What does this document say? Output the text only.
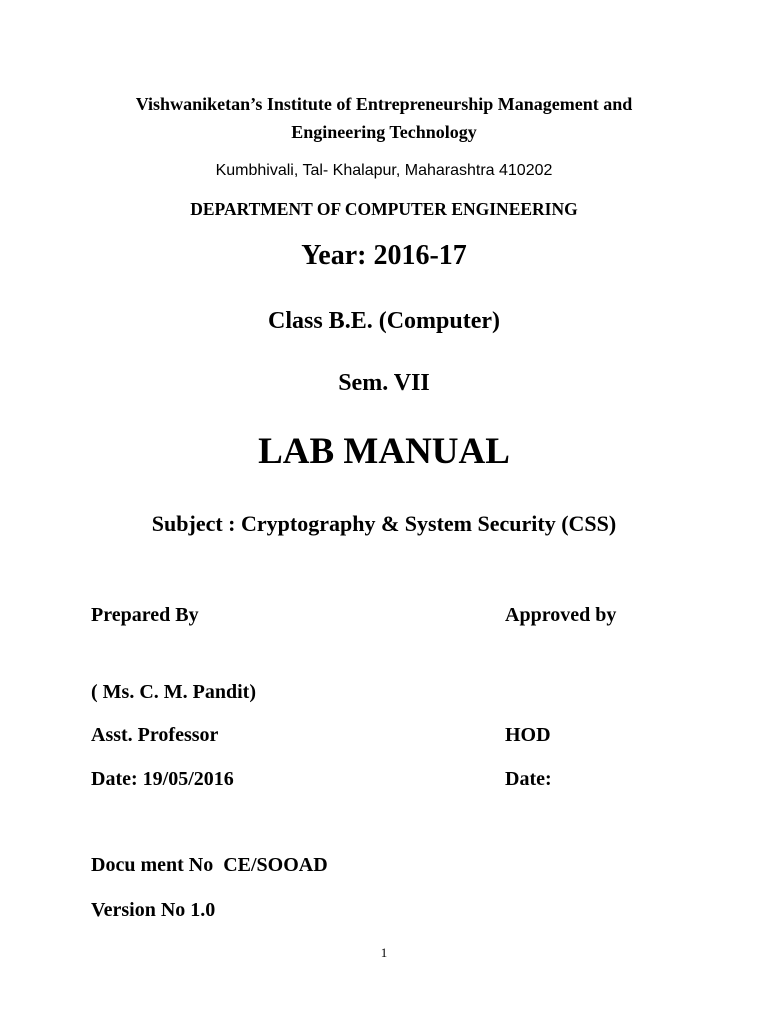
Vishwaniketan’s Institute of Entrepreneurship Management and
Engineering Technology
Kumbhivali, Tal- Khalapur, Maharashtra 410202
DEPARTMENT OF COMPUTER ENGINEERING
Year: 2016-17
Class B.E. (Computer)
Sem. VII
LAB MANUAL
Subject : Cryptography & System Security (CSS)
Prepared By	Approved by
( Ms. C. M. Pandit)
Asst. Professor	HOD
Date: 19/05/2016	Date:
Docu ment No  CE/SOOAD
Version No 1.0
1
